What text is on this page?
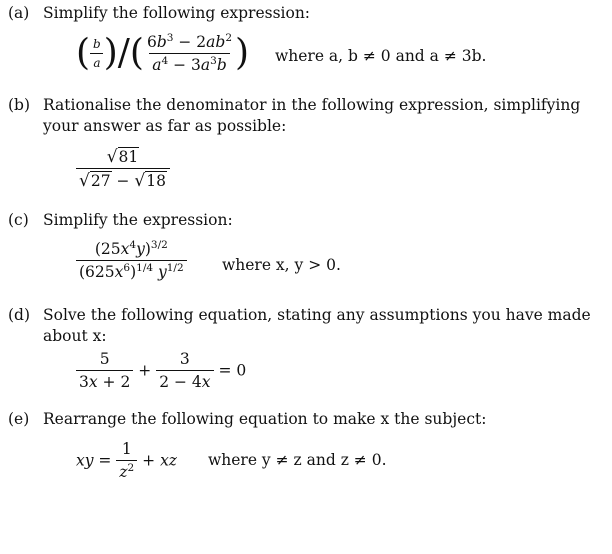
(a) Simplify the following expression:
( $\frac{b}{a}$ )/( $\frac{6b^3 - 2ab^2}{a^4 - 3a^3b}$ ) where a, b ≠ 0 and a ≠ 3b.
(b) Rationalise the denominator in the following expression, simplifying your answer as far as possible:
$\frac{√ 81}{√ 27 - √ 18}$
(c) Simplify the expression:
$\frac{(25x^4y)^{3/2}}{(625x^6)^{1/4} y^{1/2}}$ where x, y > 0.
(d) Solve the following equation, stating any assumptions you have made about x:
$\frac{5}{3x + 2} + \frac{3}{2 - 4x} = 0$
(e) Rearrange the following equation to make x the subject:
xy = $\frac{1}{z^2}$ + xz where y ≠ z and z ≠ 0.
